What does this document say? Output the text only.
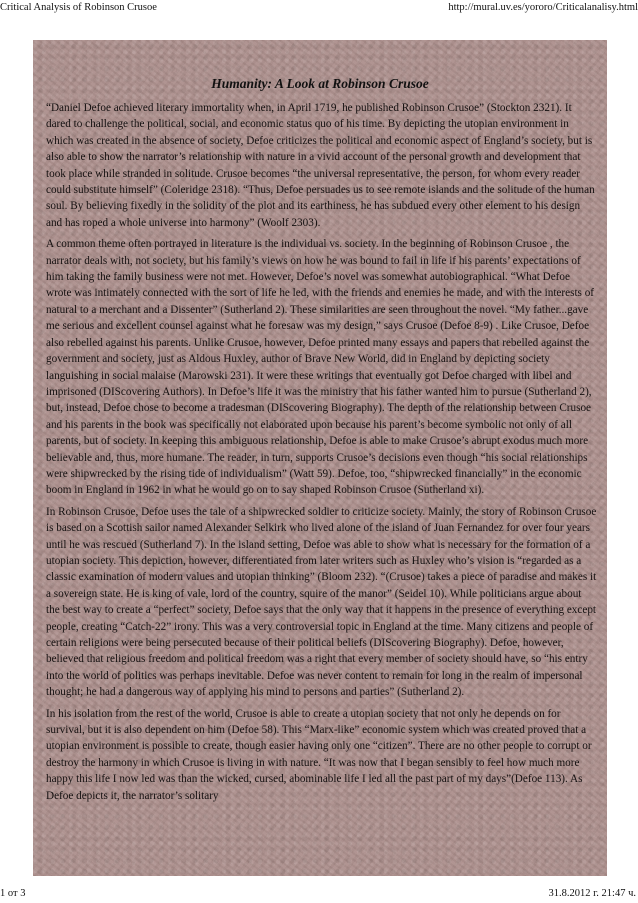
Critical Analysis of Robinson Crusoe	http://mural.uv.es/yororo/Criticalanalisy.html
Humanity: A Look at Robinson Crusoe

“Daniel Defoe achieved literary immortality when, in April 1719, he published Robinson Crusoe” (Stockton 2321). It dared to challenge the political, social, and economic status quo of his time. By depicting the utopian environment in which was created in the absence of society, Defoe criticizes the political and economic aspect of England’s society, but is also able to show the narrator’s relationship with nature in a vivid account of the personal growth and development that took place while stranded in solitude. Crusoe becomes “the universal representative, the person, for whom every reader could substitute himself” (Coleridge 2318). “Thus, Defoe persuades us to see remote islands and the solitude of the human soul. By believing fixedly in the solidity of the plot and its earthiness, he has subdued every other element to his design and has roped a whole universe into harmony” (Woolf 2303).

A common theme often portrayed in literature is the individual vs. society. In the beginning of Robinson Crusoe , the narrator deals with, not society, but his family’s views on how he was bound to fail in life if his parents’ expectations of him taking the family business were not met. However, Defoe’s novel was somewhat autobiographical. “What Defoe wrote was intimately connected with the sort of life he led, with the friends and enemies he made, and with the interests of natural to a merchant and a Dissenter” (Sutherland 2). These similarities are seen throughout the novel. “My father...gave me serious and excellent counsel against what he foresaw was my design,” says Crusoe (Defoe 8-9) . Like Crusoe, Defoe also rebelled against his parents. Unlike Crusoe, however, Defoe printed many essays and papers that rebelled against the government and society, just as Aldous Huxley, author of Brave New World, did in England by depicting society languishing in social malaise (Marowski 231). It were these writings that eventually got Defoe charged with libel and imprisoned (DIScovering Authors). In Defoe’s life it was the ministry that his father wanted him to pursue (Sutherland 2), but, instead, Defoe chose to become a tradesman (DIScovering Biography). The depth of the relationship between Crusoe and his parents in the book was specifically not elaborated upon because his parent’s become symbolic not only of all parents, but of society. In keeping this ambiguous relationship, Defoe is able to make Crusoe’s abrupt exodus much more believable and, thus, more humane. The reader, in turn, supports Crusoe’s decisions even though “his social relationships were shipwrecked by the rising tide of individualism” (Watt 59). Defoe, too, “shipwrecked financially” in the economic boom in England in 1962 in what he would go on to say shaped Robinson Crusoe (Sutherland xi).

In Robinson Crusoe, Defoe uses the tale of a shipwrecked soldier to criticize society. Mainly, the story of Robinson Crusoe is based on a Scottish sailor named Alexander Selkirk who lived alone of the island of Juan Fernandez for over four years until he was rescued (Sutherland 7). In the island setting, Defoe was able to show what is necessary for the formation of a utopian society. This depiction, however, differentiated from later writers such as Huxley who’s vision is “regarded as a classic examination of modern values and utopian thinking” (Bloom 232). “(Crusoe) takes a piece of paradise and makes it a sovereign state. He is king of vale, lord of the country, squire of the manor” (Seidel 10). While politicians argue about the best way to create a “perfect” society, Defoe says that the only way that it happens in the presence of everything except people, creating “Catch-22” irony. This was a very controversial topic in England at the time. Many citizens and people of certain religions were being persecuted because of their political beliefs (DIScovering Biography). Defoe, however, believed that religious freedom and political freedom was a right that every member of society should have, so “his entry into the world of politics was perhaps inevitable. Defoe was never content to remain for long in the realm of impersonal thought; he had a dangerous way of applying his mind to persons and parties” (Sutherland 2).

In his isolation from the rest of the world, Crusoe is able to create a utopian society that not only he depends on for survival, but it is also dependent on him (Defoe 58). This “Marx-like” economic system which was created proved that a utopian environment is possible to create, though easier having only one “citizen”. There are no other people to corrupt or destroy the harmony in which Crusoe is living in with nature. “It was now that I began sensibly to feel how much more happy this life I now led was than the wicked, cursed, abominable life I led all the past part of my days”(Defoe 113). As Defoe depicts it, the narrator’s solitary

1 от 3	31.8.2012 г. 21:47 ч.
